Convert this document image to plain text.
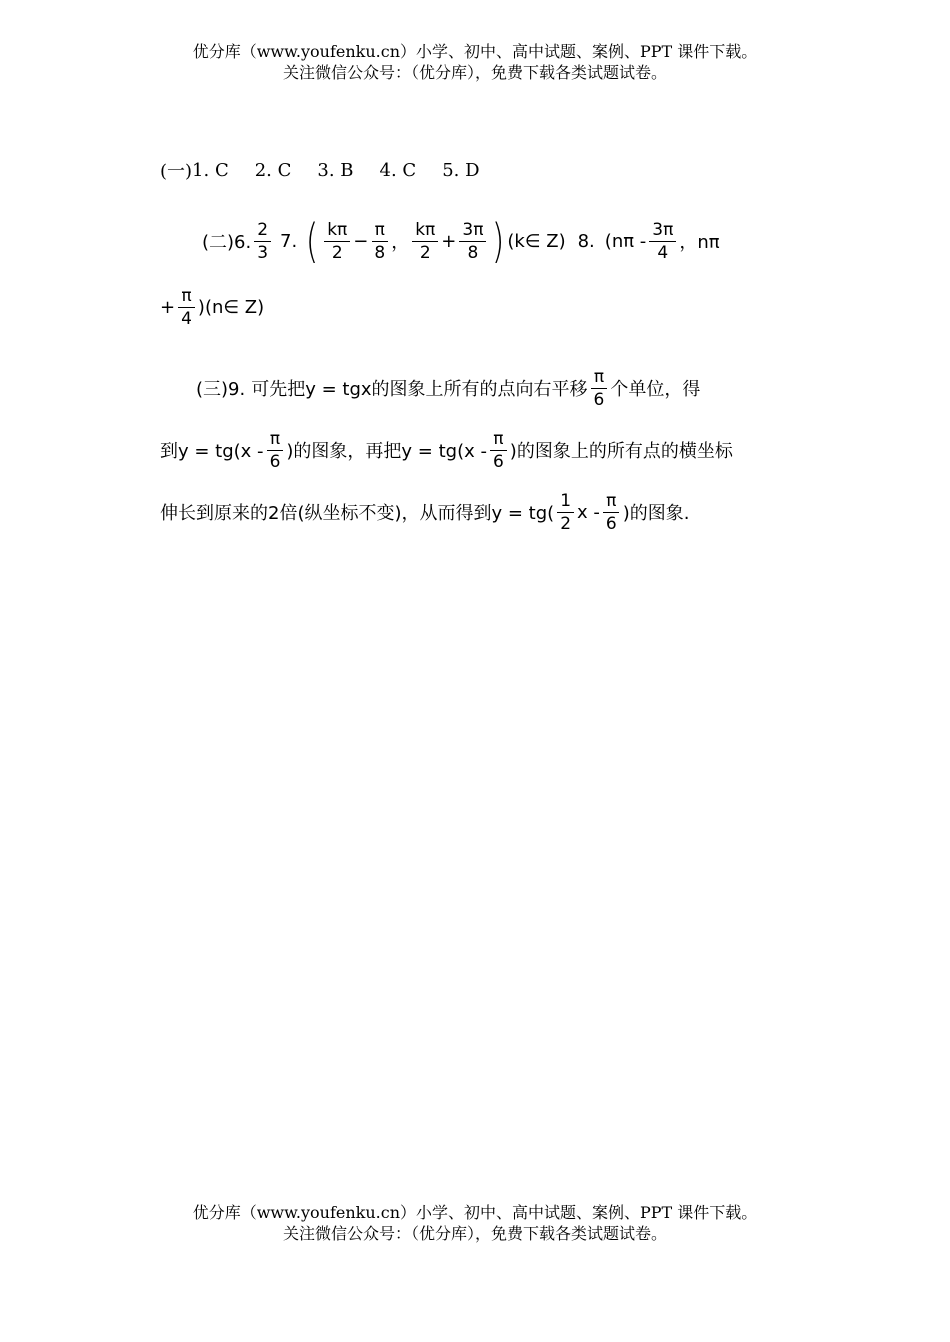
优分库（www.youfenku.cn）小学、初中、高中试题、案例、PPT 课件下载。
关注微信公众号：（优分库），免费下载各类试题试卷。
(一) 1. C 2. C 3. B 4. C 5. D
(二)6. $\frac{2}{3} 7$. ( $\frac{k\pi}{2} - \frac{\pi}{8}$ ， $\frac{k\pi}{2} + \frac{3\pi}{8}$ ) (k∈ Z) 8. ($n\pi - \frac{3\pi}{4}$ ，nπ
+ $\frac{\pi}{4}$ )(n∈ Z)
(三)9. 可先把y = tgx的图象上所有的点向右平移 $\frac{\pi}{6}$ 个单位，得
到$y = tg(x - \frac{\pi}{6}$ )的图象，再把$y = tg(x - \frac{\pi}{6}$ )的图象上的所有点的横坐标
伸长到原来的2倍(纵坐标不变)，从而得到$y = tg( \frac{1}{2}$ x - $\frac{\pi}{6}$ )的图象.
优分库（www.youfenku.cn）小学、初中、高中试题、案例、PPT 课件下载。
关注微信公众号：（优分库），免费下载各类试题试卷。
